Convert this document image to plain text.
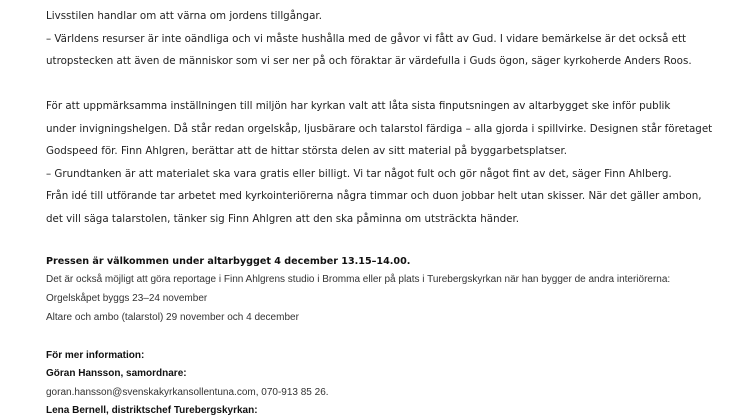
Livsstilen handlar om att värna om jordens tillgångar.
– Världens resurser är inte oändliga och vi måste hushålla med de gåvor vi fått av Gud. I vidare bemärkelse är det också ett
utropstecken att även de människor som vi ser ner på och föraktar är värdefulla i Guds ögon, säger kyrkoherde Anders Roos.
För att uppmärksamma inställningen till miljön har kyrkan valt att låta sista finputsningen av altarbygget ske inför publik
under invigningshelgen. Då står redan orgelskåp, ljusbärare och talarstol färdiga – alla gjorda i spillvirke. Designen står företaget
Godspeed för. Finn Ahlgren, berättar att de hittar största delen av sitt material på byggarbetsplatser.
– Grundtanken är att materialet ska vara gratis eller billigt. Vi tar något fult och gör något fint av det, säger Finn Ahlberg.
Från idé till utförande tar arbetet med kyrkointeriörerna några timmar och duon jobbar helt utan skisser. När det gäller ambon,
det vill säga talarstolen, tänker sig Finn Ahlgren att den ska påminna om utsträckta händer.
Pressen är välkommen under altarbygget 4 december 13.15–14.00.
Det är också möjligt att göra reportage i Finn Ahlgrens studio i Bromma eller på plats i Turebergskyrkan när han bygger de andra interiörerna:
Orgelskåpet byggs 23–24 november
Altare och ambo (talarstol) 29 november och 4 december
För mer information:
Göran Hansson, samordnare:
goran.hansson@svenskakyrkansollentuna.com, 070-913 85 26.
Lena Bernell, distriktschef Turebergskyrkan:
